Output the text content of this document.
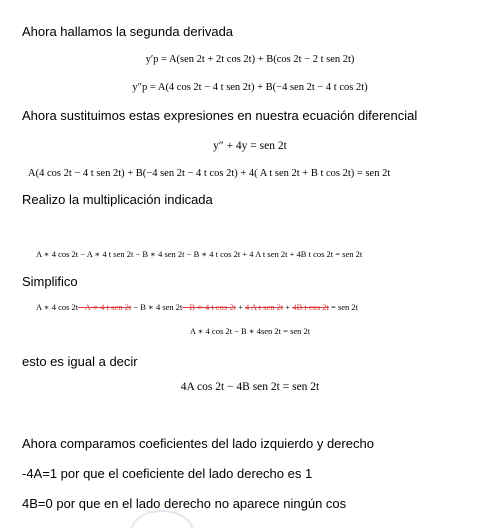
Ahora hallamos la segunda derivada
y′p = A(sen 2t + 2t cos 2t) + B(cos 2t − 2 t sen 2t)
y″p = A(4 cos 2t − 4 t sen 2t) + B(−4 sen 2t − 4 t cos 2t)
Ahora sustituimos estas expresiones en nuestra ecuación diferencial
y″ + 4y = sen 2t
A(4 cos 2t − 4 t sen 2t) + B(−4 sen 2t − 4 t cos 2t) + 4( A t sen 2t + B t cos 2t) = sen 2t
Realizo la multiplicación indicada
A ∗ 4 cos 2t − A ∗ 4 t sen 2t − B ∗ 4 sen 2t − B ∗ 4 t cos 2t + 4 A t sen 2t + 4B t cos 2t = sen 2t
Simplifico
A ∗ 4 cos 2t− A ∗ 4 t sen 2t − B ∗ 4 sen 2t− B ∗ 4 t cos 2t + 4 A t sen 2t + 4B t cos 2t = sen 2t
A ∗ 4 cos 2t − B ∗ 4sen 2t = sen 2t
esto es igual a decir
4A cos 2t − 4B sen 2t = sen 2t
Ahora comparamos coeficientes del lado izquierdo y derecho
-4A=1 por que el coeficiente del lado derecho es 1
4B=0 por que en el lado derecho no aparece ningún cos
